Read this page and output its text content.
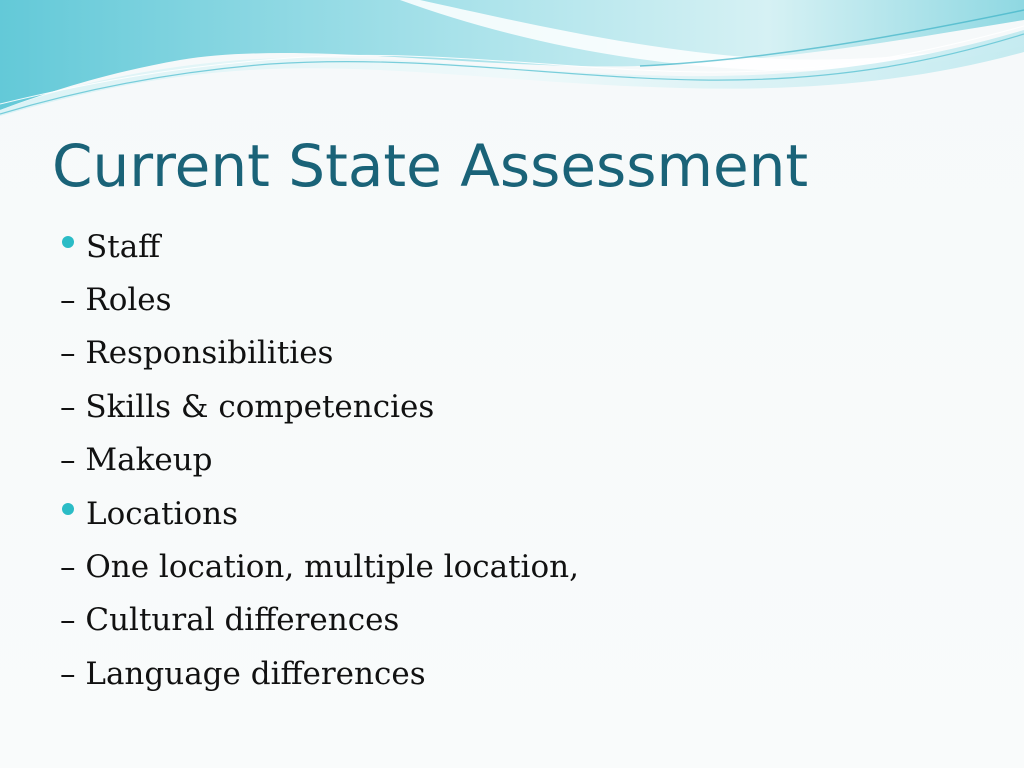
Current State Assessment
Staff
– Roles
– Responsibilities
– Skills & competencies
– Makeup
Locations
– One location, multiple location,
– Cultural differences
– Language differences
